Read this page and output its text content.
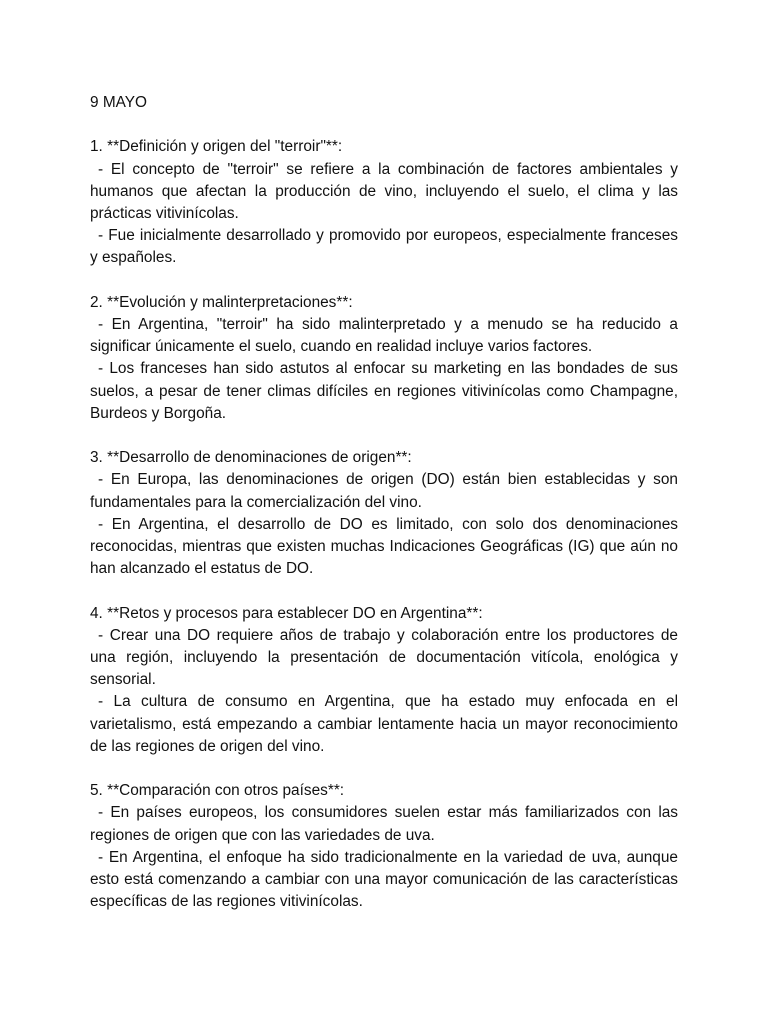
9 MAYO

1. **Definición y origen del "terroir"**:

- El concepto de "terroir" se refiere a la combinación de factores ambientales y humanos que afectan la producción de vino, incluyendo el suelo, el clima y las prácticas vitivinícolas.

- Fue inicialmente desarrollado y promovido por europeos, especialmente franceses y españoles.

2. **Evolución y malinterpretaciones**:

- En Argentina, "terroir" ha sido malinterpretado y a menudo se ha reducido a significar únicamente el suelo, cuando en realidad incluye varios factores.

- Los franceses han sido astutos al enfocar su marketing en las bondades de sus suelos, a pesar de tener climas difíciles en regiones vitivinícolas como Champagne, Burdeos y Borgoña.

3. **Desarrollo de denominaciones de origen**:

- En Europa, las denominaciones de origen (DO) están bien establecidas y son fundamentales para la comercialización del vino.

- En Argentina, el desarrollo de DO es limitado, con solo dos denominaciones reconocidas, mientras que existen muchas Indicaciones Geográficas (IG) que aún no han alcanzado el estatus de DO.

4. **Retos y procesos para establecer DO en Argentina**:

- Crear una DO requiere años de trabajo y colaboración entre los productores de una región, incluyendo la presentación de documentación vitícola, enológica y sensorial.

- La cultura de consumo en Argentina, que ha estado muy enfocada en el varietalismo, está empezando a cambiar lentamente hacia un mayor reconocimiento de las regiones de origen del vino.

5. **Comparación con otros países**:

- En países europeos, los consumidores suelen estar más familiarizados con las regiones de origen que con las variedades de uva.

- En Argentina, el enfoque ha sido tradicionalmente en la variedad de uva, aunque esto está comenzando a cambiar con una mayor comunicación de las características específicas de las regiones vitivinícolas.
